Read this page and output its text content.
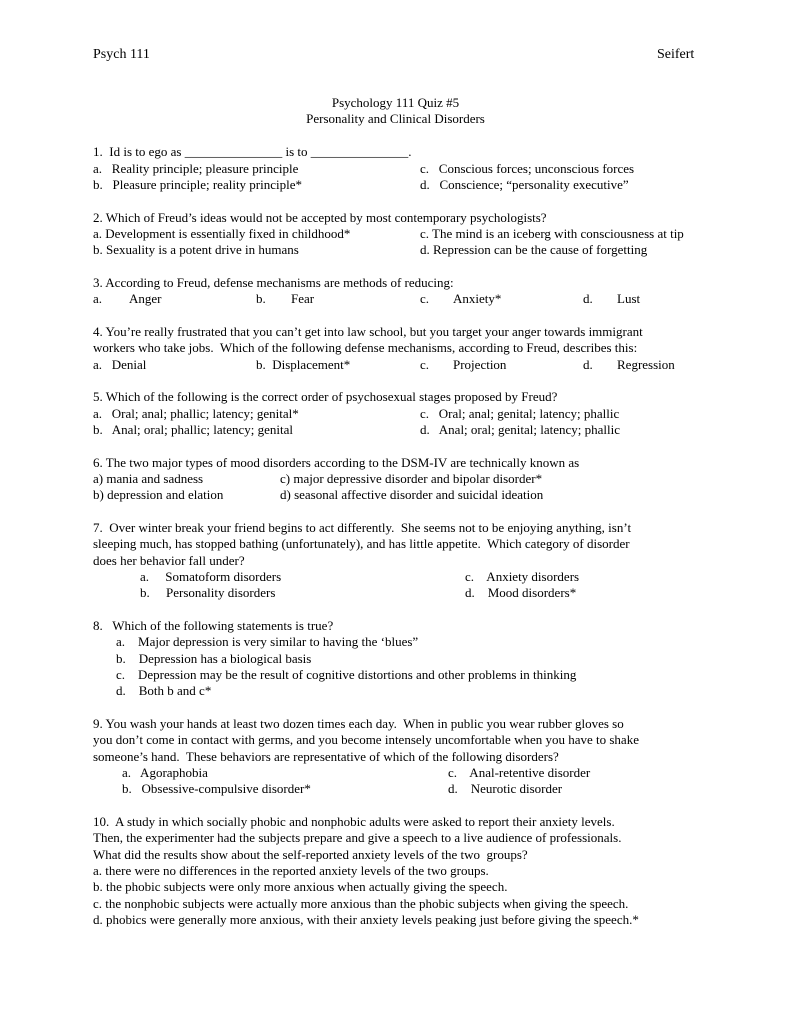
Psych 111	Seifert
Psychology 111 Quiz #5
Personality and Clinical Disorders
1.  Id is to ego as _______________ is to _______________.
a.   Reality principle; pleasure principle
b.   Pleasure principle; reality principle*
c.   Conscious forces; unconscious forces
d.   Conscience; “personality executive”
2. Which of Freud’s ideas would not be accepted by most contemporary psychologists?
a. Development is essentially fixed in childhood*
b. Sexuality is a potent drive in humans
c. The mind is an iceberg with consciousness at tip
d. Repression can be the cause of forgetting
3. According to Freud, defense mechanisms are methods of reducing:
a. Anger	b. Fear	c. Anxiety*	d. Lust
4. You’re really frustrated that you can’t get into law school, but you target your anger towards immigrant
workers who take jobs.  Which of the following defense mechanisms, according to Freud, describes this:
a.   Denial	b.  Displacement*	c. Projection	d. Regression
5. Which of the following is the correct order of psychosexual stages proposed by Freud?
a.   Oral; anal; phallic; latency; genital*
b.   Anal; oral; phallic; latency; genital
c.   Oral; anal; genital; latency; phallic
d.   Anal; oral; genital; latency; phallic
6. The two major types of mood disorders according to the DSM-IV are technically known as
a) mania and sadness
b) depression and elation
c) major depressive disorder and bipolar disorder*
d) seasonal affective disorder and suicidal ideation
7.  Over winter break your friend begins to act differently.  She seems not to be enjoying anything, isn’t
sleeping much, has stopped bathing (unfortunately), and has little appetite.  Which category of disorder
does her behavior fall under?
a.     Somatoform disorders
b.     Personality disorders
c.    Anxiety disorders
d.    Mood disorders*
8.   Which of the following statements is true?
a.    Major depression is very similar to having the ‘blues”
b.    Depression has a biological basis
c.    Depression may be the result of cognitive distortions and other problems in thinking
d.    Both b and c*
9. You wash your hands at least two dozen times each day.  When in public you wear rubber gloves so
you don’t come in contact with germs, and you become intensely uncomfortable when you have to shake
someone’s hand.  These behaviors are representative of which of the following disorders?
a.   Agoraphobia
b.   Obsessive-compulsive disorder*
c.    Anal-retentive disorder
d.    Neurotic disorder
10.  A study in which socially phobic and nonphobic adults were asked to report their anxiety levels.
Then, the experimenter had the subjects prepare and give a speech to a live audience of professionals.
What did the results show about the self-reported anxiety levels of the two  groups?
a. there were no differences in the reported anxiety levels of the two groups.
b. the phobic subjects were only more anxious when actually giving the speech.
c. the nonphobic subjects were actually more anxious than the phobic subjects when giving the speech.
d. phobics were generally more anxious, with their anxiety levels peaking just before giving the speech.*
